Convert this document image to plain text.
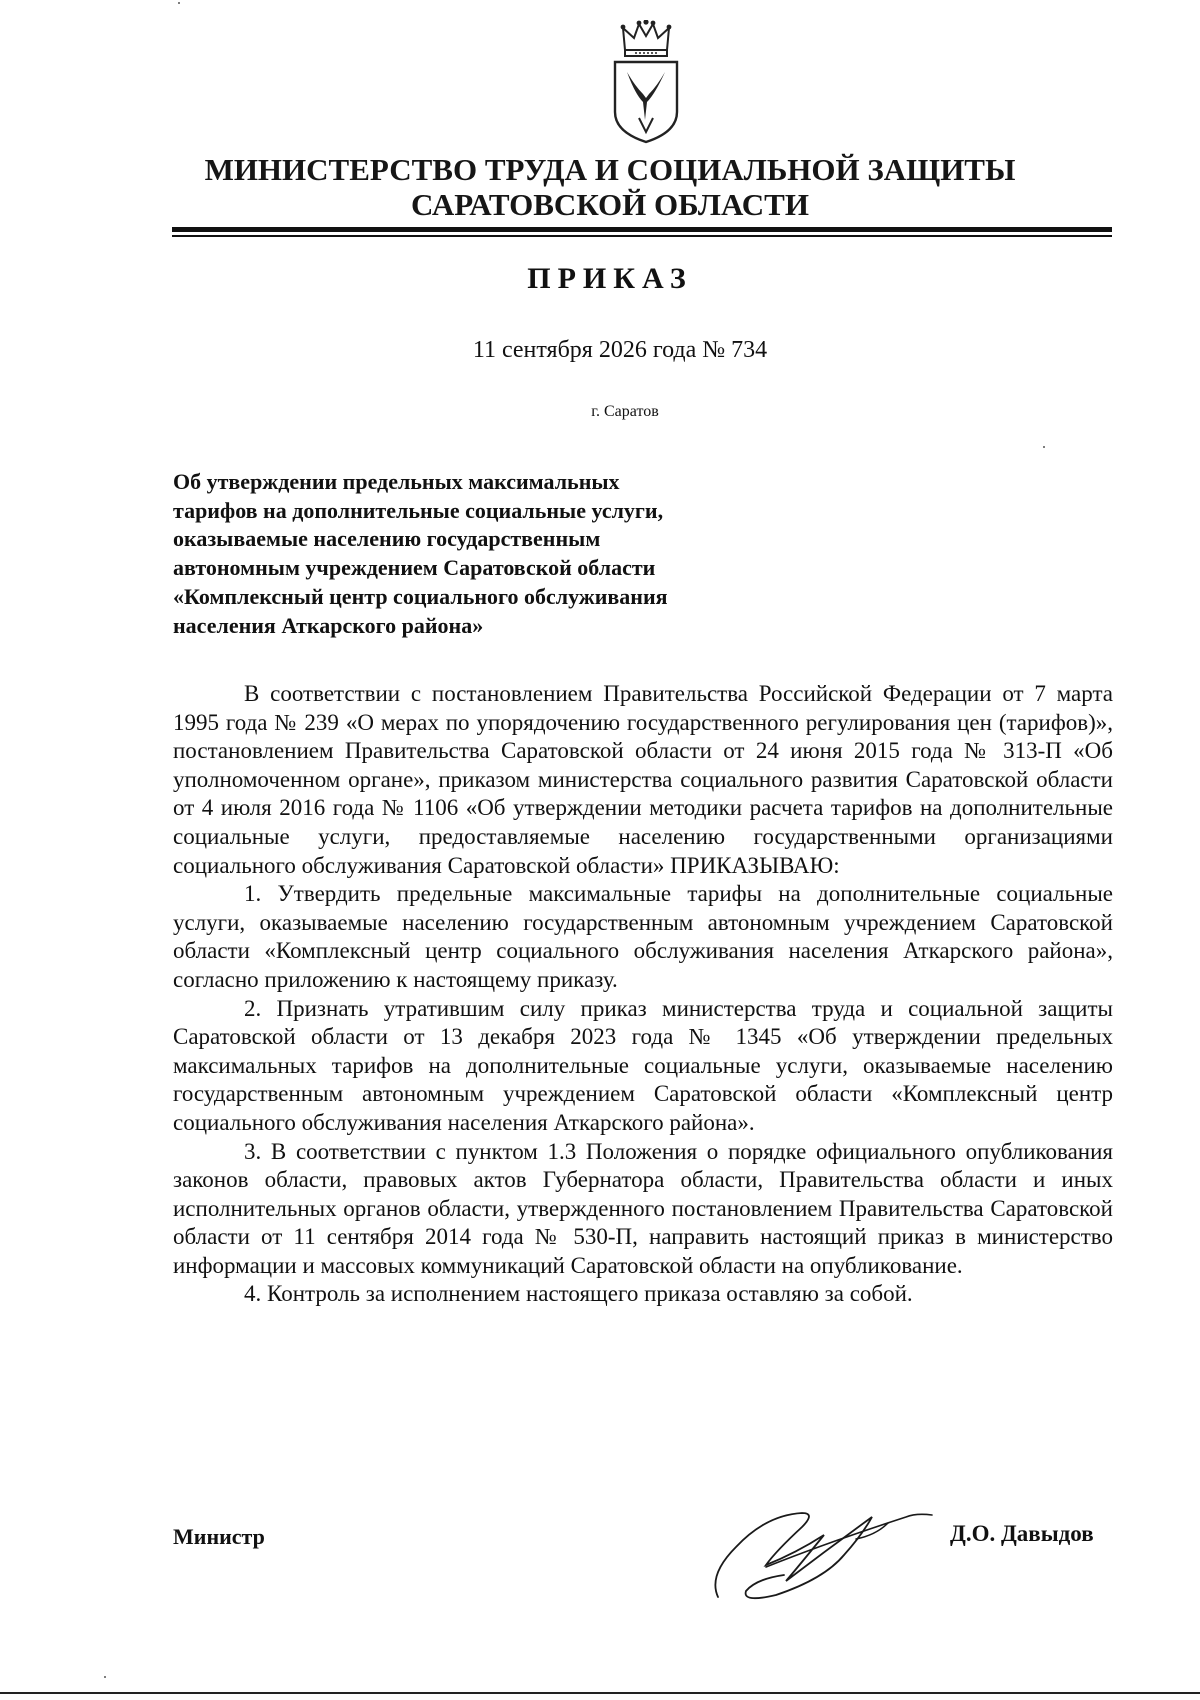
МИНИСТЕРСТВО ТРУДА И СОЦИАЛЬНОЙ ЗАЩИТЫ
САРАТОВСКОЙ ОБЛАСТИ
ПРИКАЗ
11 сентября 2026 года № 734
г. Саратов
Об утверждении предельных максимальных
тарифов на дополнительные социальные услуги,
оказываемые населению государственным
автономным учреждением Саратовской области
«Комплексный центр социального обслуживания
населения Аткарского района»

В соответствии с постановлением Правительства Российской Федерации от 7 марта 1995 года № 239 «О мерах по упорядочению государственного регулирования цен (тарифов)», постановлением Правительства Саратовской области от 24 июня 2015 года № 313-П «Об уполномоченном органе», приказом министерства социального развития Саратовской области от 4 июля 2016 года № 1106 «Об утверждении методики расчета тарифов на дополнительные социальные услуги, предоставляемые населению государственными организациями социального обслуживания Саратовской области» ПРИКАЗЫВАЮ:

1. Утвердить предельные максимальные тарифы на дополнительные социальные услуги, оказываемые населению государственным автономным учреждением Саратовской области «Комплексный центр социального обслуживания населения Аткарского района», согласно приложению к настоящему приказу.

2. Признать утратившим силу приказ министерства труда и социальной защиты Саратовской области от 13 декабря 2023 года № 1345 «Об утверждении предельных максимальных тарифов на дополнительные социальные услуги, оказываемые населению государственным автономным учреждением Саратовской области «Комплексный центр социального обслуживания населения Аткарского района».

3. В соответствии с пунктом 1.3 Положения о порядке официального опубликования законов области, правовых актов Губернатора области, Правительства области и иных исполнительных органов области, утвержденного постановлением Правительства Саратовской области от 11 сентября 2014 года № 530-П, направить настоящий приказ в министерство информации и массовых коммуникаций Саратовской области на опубликование.

4. Контроль за исполнением настоящего приказа оставляю за собой.

Министр	Д.О. Давыдов
